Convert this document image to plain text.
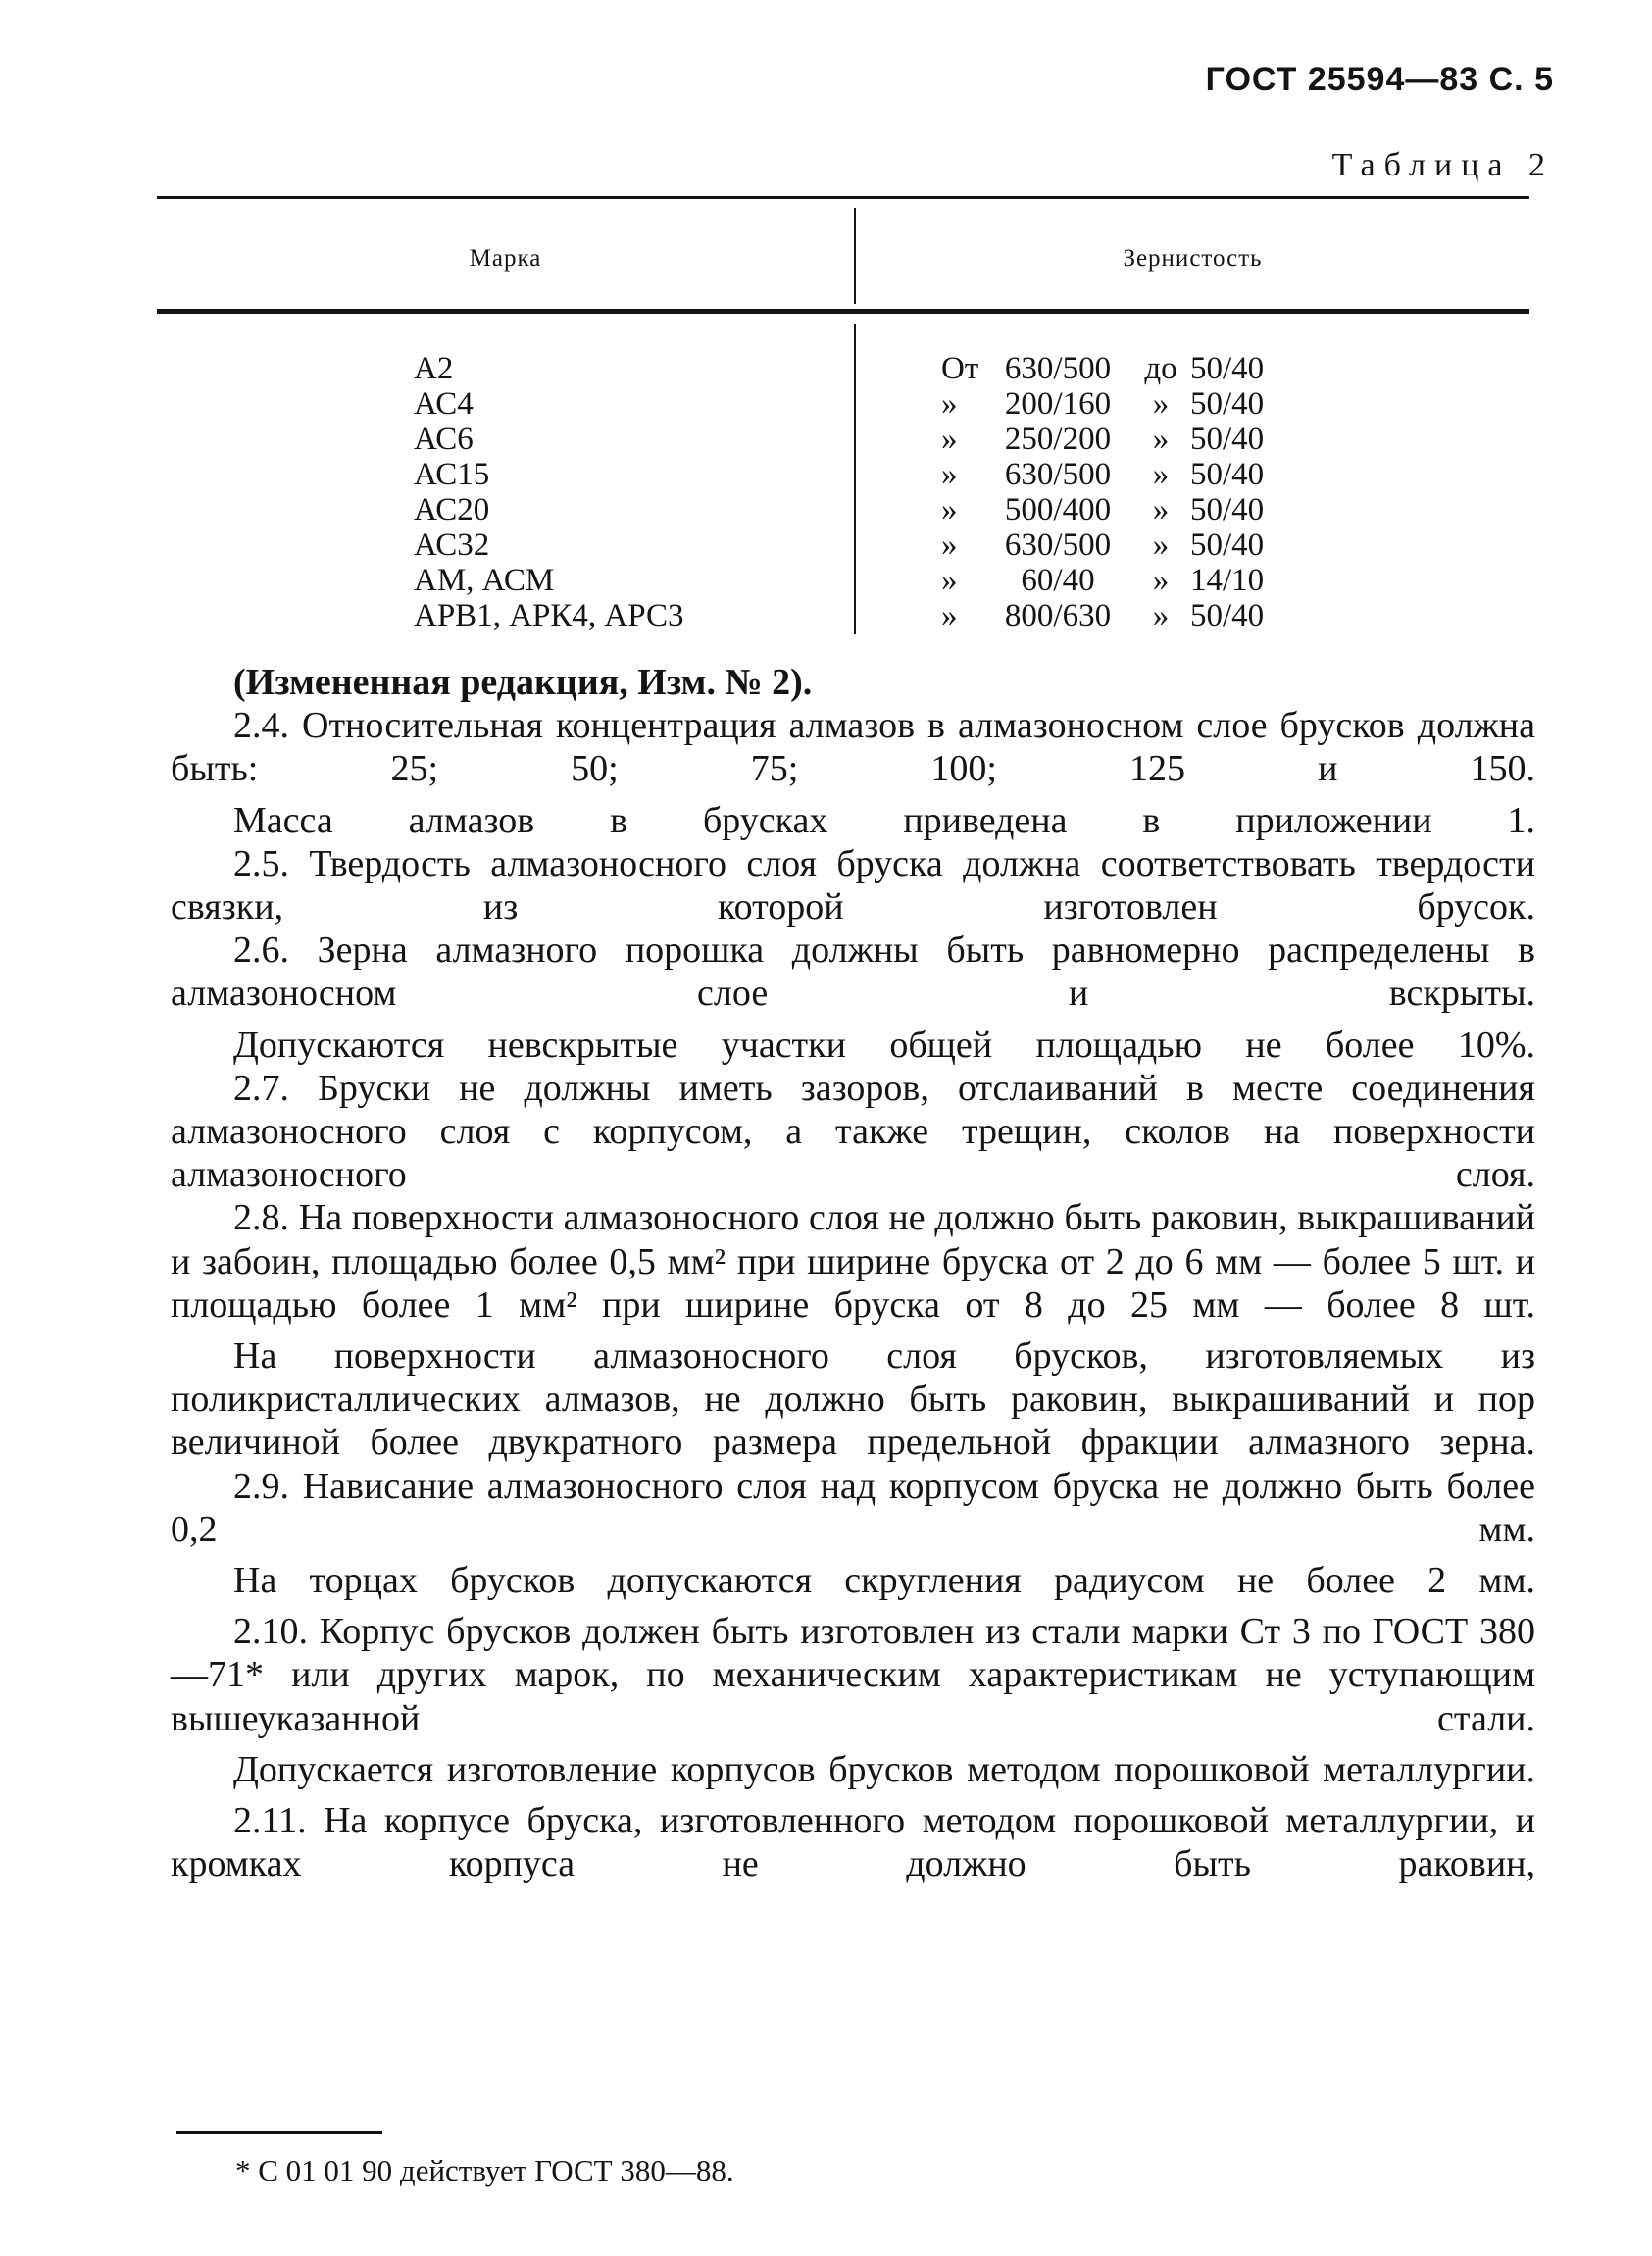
ГОСТ 25594—83 С. 5
Таблица 2
Марка	Зернистость
А2
АС4
АС6
АС15
АС20
АС32
АМ, АСМ
АРВ1, АРК4, АРС3
От 630/500 до 50/40
» 200/160 » 50/40
» 250/200 » 50/40
» 630/500 » 50/40
» 500/400 » 50/40
» 630/500 » 50/40
» 60/40 » 14/10
» 800/630 » 50/40

(Измененная редакция, Изм. № 2).

2.4. Относительная концентрация алмазов в алмазоносном слое брусков должна быть: 25; 50; 75; 100; 125 и 150.

Масса алмазов в брусках приведена в приложении 1.

2.5. Твердость алмазоносного слоя бруска должна соответствовать твердости связки, из которой изготовлен брусок.

2.6. Зерна алмазного порошка должны быть равномерно распределены в алмазоносном слое и вскрыты.

Допускаются невскрытые участки общей площадью не более 10%.

2.7. Бруски не должны иметь зазоров, отслаиваний в месте соединения алмазоносного слоя с корпусом, а также трещин, сколов на поверхности алмазоносного слоя.

2.8. На поверхности алмазоносного слоя не должно быть раковин, выкрашиваний и забоин, площадью более 0,5 мм² при ширине бруска от 2 до 6 мм — более 5 шт. и площадью более 1 мм² при ширине бруска от 8 до 25 мм — более 8 шт.

На поверхности алмазоносного слоя брусков, изготовляемых из поликристаллических алмазов, не должно быть раковин, выкрашиваний и пор величиной более двукратного размера предельной фракции алмазного зерна.

2.9. Нависание алмазоносного слоя над корпусом бруска не должно быть более 0,2 мм.

На торцах брусков допускаются скругления радиусом не более 2 мм.

2.10. Корпус брусков должен быть изготовлен из стали марки Ст 3 по ГОСТ 380—71* или других марок, по механическим характеристикам не уступающим вышеуказанной стали.

Допускается изготовление корпусов брусков методом порошковой металлургии.

2.11. На корпусе бруска, изготовленного методом порошковой металлургии, и кромках корпуса не должно быть раковин,

* С 01 01 90 действует ГОСТ 380—88.
